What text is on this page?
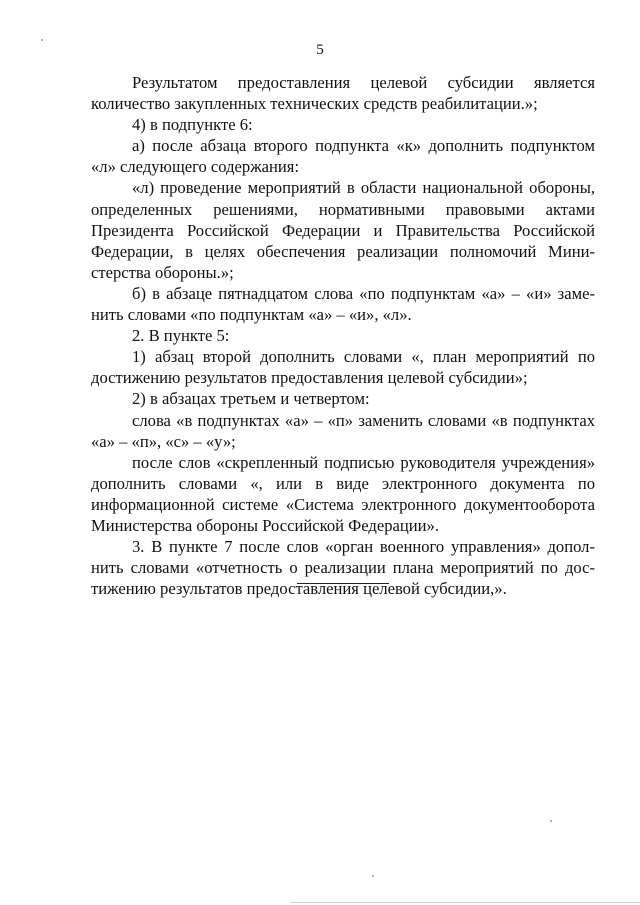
5

Результатом предоставления целевой субсидии является количество закупленных технических средств реабилитации.»;

4) в подпункте 6:

а) после абзаца второго подпункта «к» дополнить подпунктом «л» следующего содержания:

«л) проведение мероприятий в области национальной обороны, определенных решениями, нормативными правовыми актами Президента Российской Федерации и Правительства Российской Федерации, в целях обеспечения реализации полномочий Министерства обороны.»;

б) в абзаце пятнадцатом слова «по подпунктам «а» – «и» заменить словами «по подпунктам «а» – «и», «л».

2. В пункте 5:

1) абзац второй дополнить словами «, план мероприятий по достижению результатов предоставления целевой субсидии»;

2) в абзацах третьем и четвертом:

слова «в подпунктах «а» – «п» заменить словами «в подпунктах «а» – «п», «с» – «у»;

после слов «скрепленный подписью руководителя учреждения» дополнить словами «, или в виде электронного документа по информационной системе «Система электронного документооборота Министерства обороны Российской Федерации».

3. В пункте 7 после слов «орган военного управления» дополнить словами «отчетность о реализации плана мероприятий по достижению результатов предоставления целевой субсидии,».
